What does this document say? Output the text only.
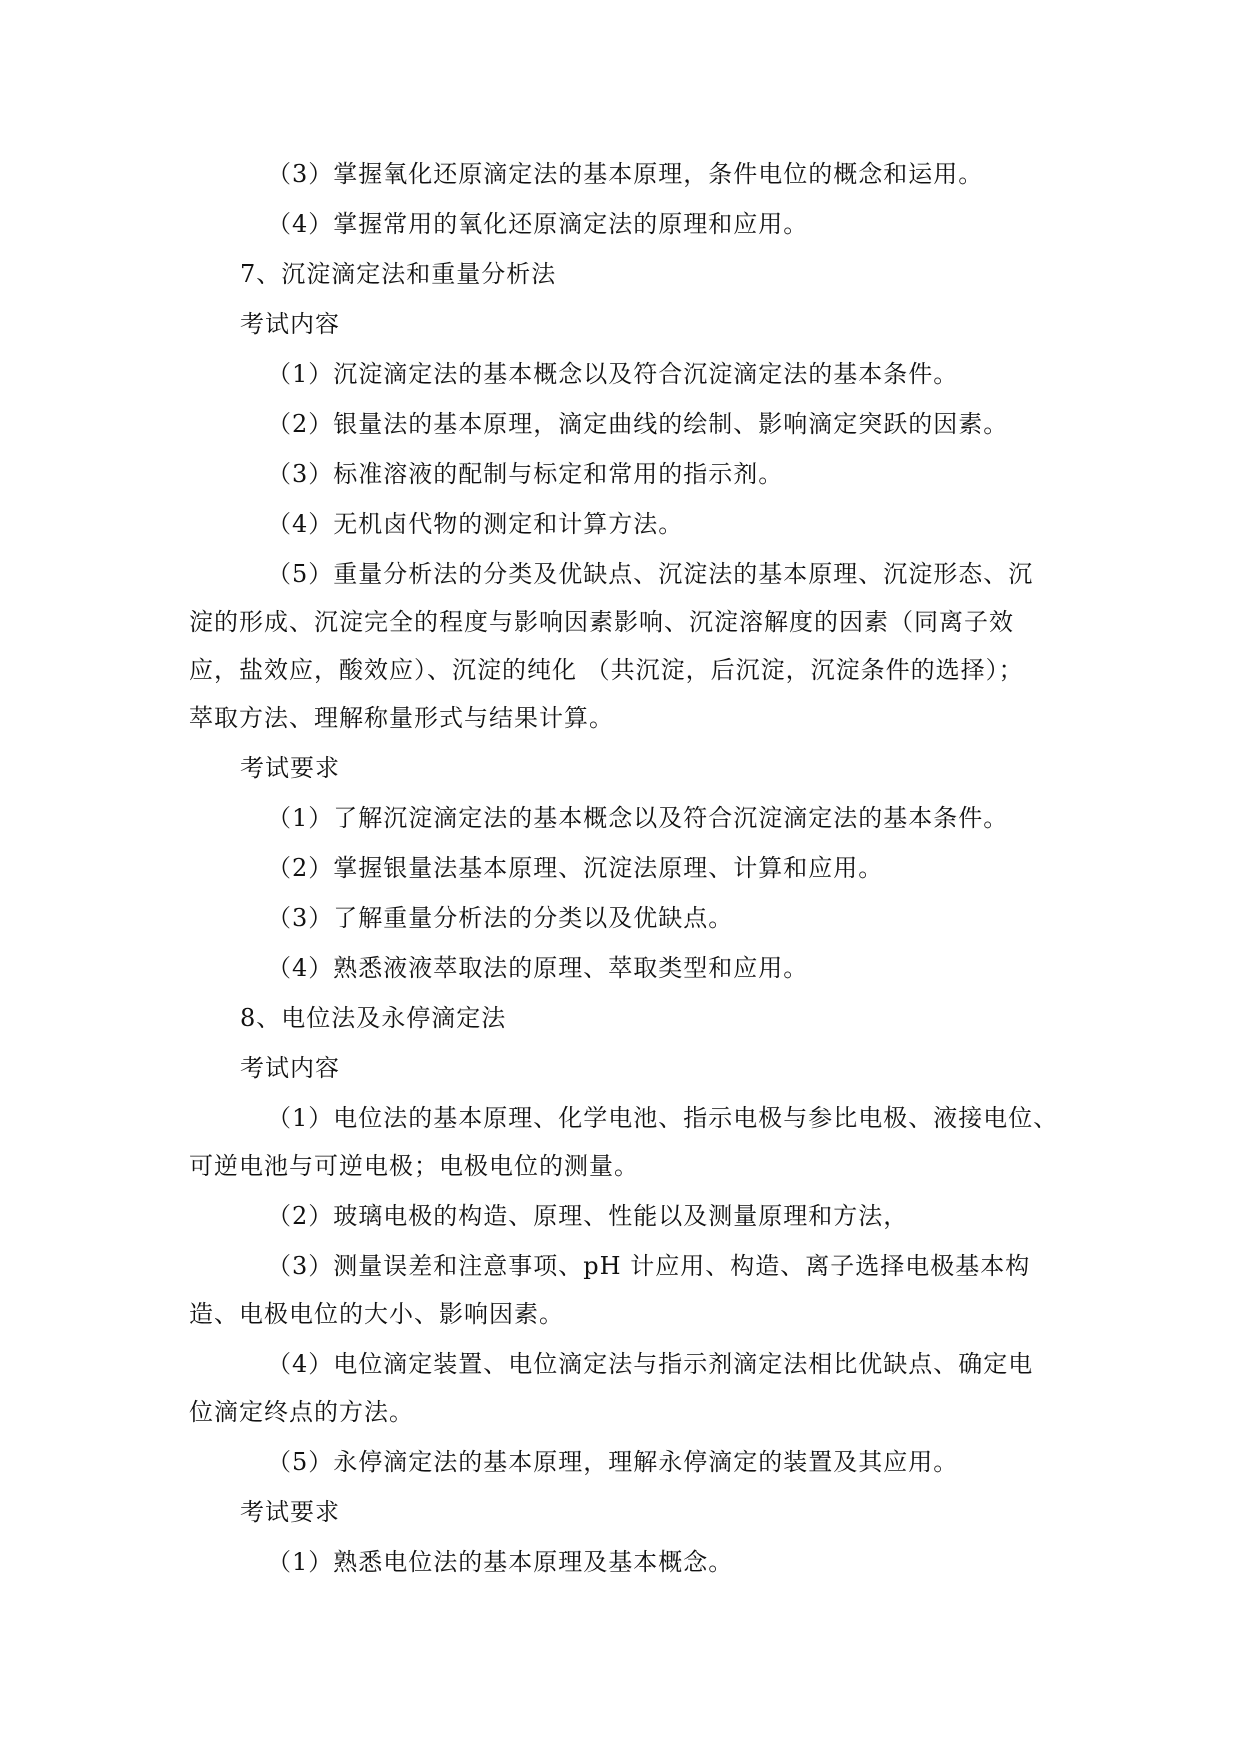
（3）掌握氧化还原滴定法的基本原理，条件电位的概念和运用。
（4）掌握常用的氧化还原滴定法的原理和应用。
7、沉淀滴定法和重量分析法
考试内容
（1）沉淀滴定法的基本概念以及符合沉淀滴定法的基本条件。
（2）银量法的基本原理，滴定曲线的绘制、影响滴定突跃的因素。
（3）标准溶液的配制与标定和常用的指示剂。
（4）无机卤代物的测定和计算方法。
（5）重量分析法的分类及优缺点、沉淀法的基本原理、沉淀形态、沉
淀的形成、沉淀完全的程度与影响因素影响、沉淀溶解度的因素（同离子效
应，盐效应，酸效应）、沉淀的纯化 （共沉淀，后沉淀，沉淀条件的选择）；
萃取方法、理解称量形式与结果计算。
考试要求
（1）了解沉淀滴定法的基本概念以及符合沉淀滴定法的基本条件。
（2）掌握银量法基本原理、沉淀法原理、计算和应用。
（3）了解重量分析法的分类以及优缺点。
（4）熟悉液液萃取法的原理、萃取类型和应用。
8、电位法及永停滴定法
考试内容
（1）电位法的基本原理、化学电池、指示电极与参比电极、液接电位、
可逆电池与可逆电极；电极电位的测量。
（2）玻璃电极的构造、原理、性能以及测量原理和方法，
（3）测量误差和注意事项、pH 计应用、构造、离子选择电极基本构
造、电极电位的大小、影响因素。
（4）电位滴定装置、电位滴定法与指示剂滴定法相比优缺点、确定电
位滴定终点的方法。
（5）永停滴定法的基本原理，理解永停滴定的装置及其应用。
考试要求
（1）熟悉电位法的基本原理及基本概念。
